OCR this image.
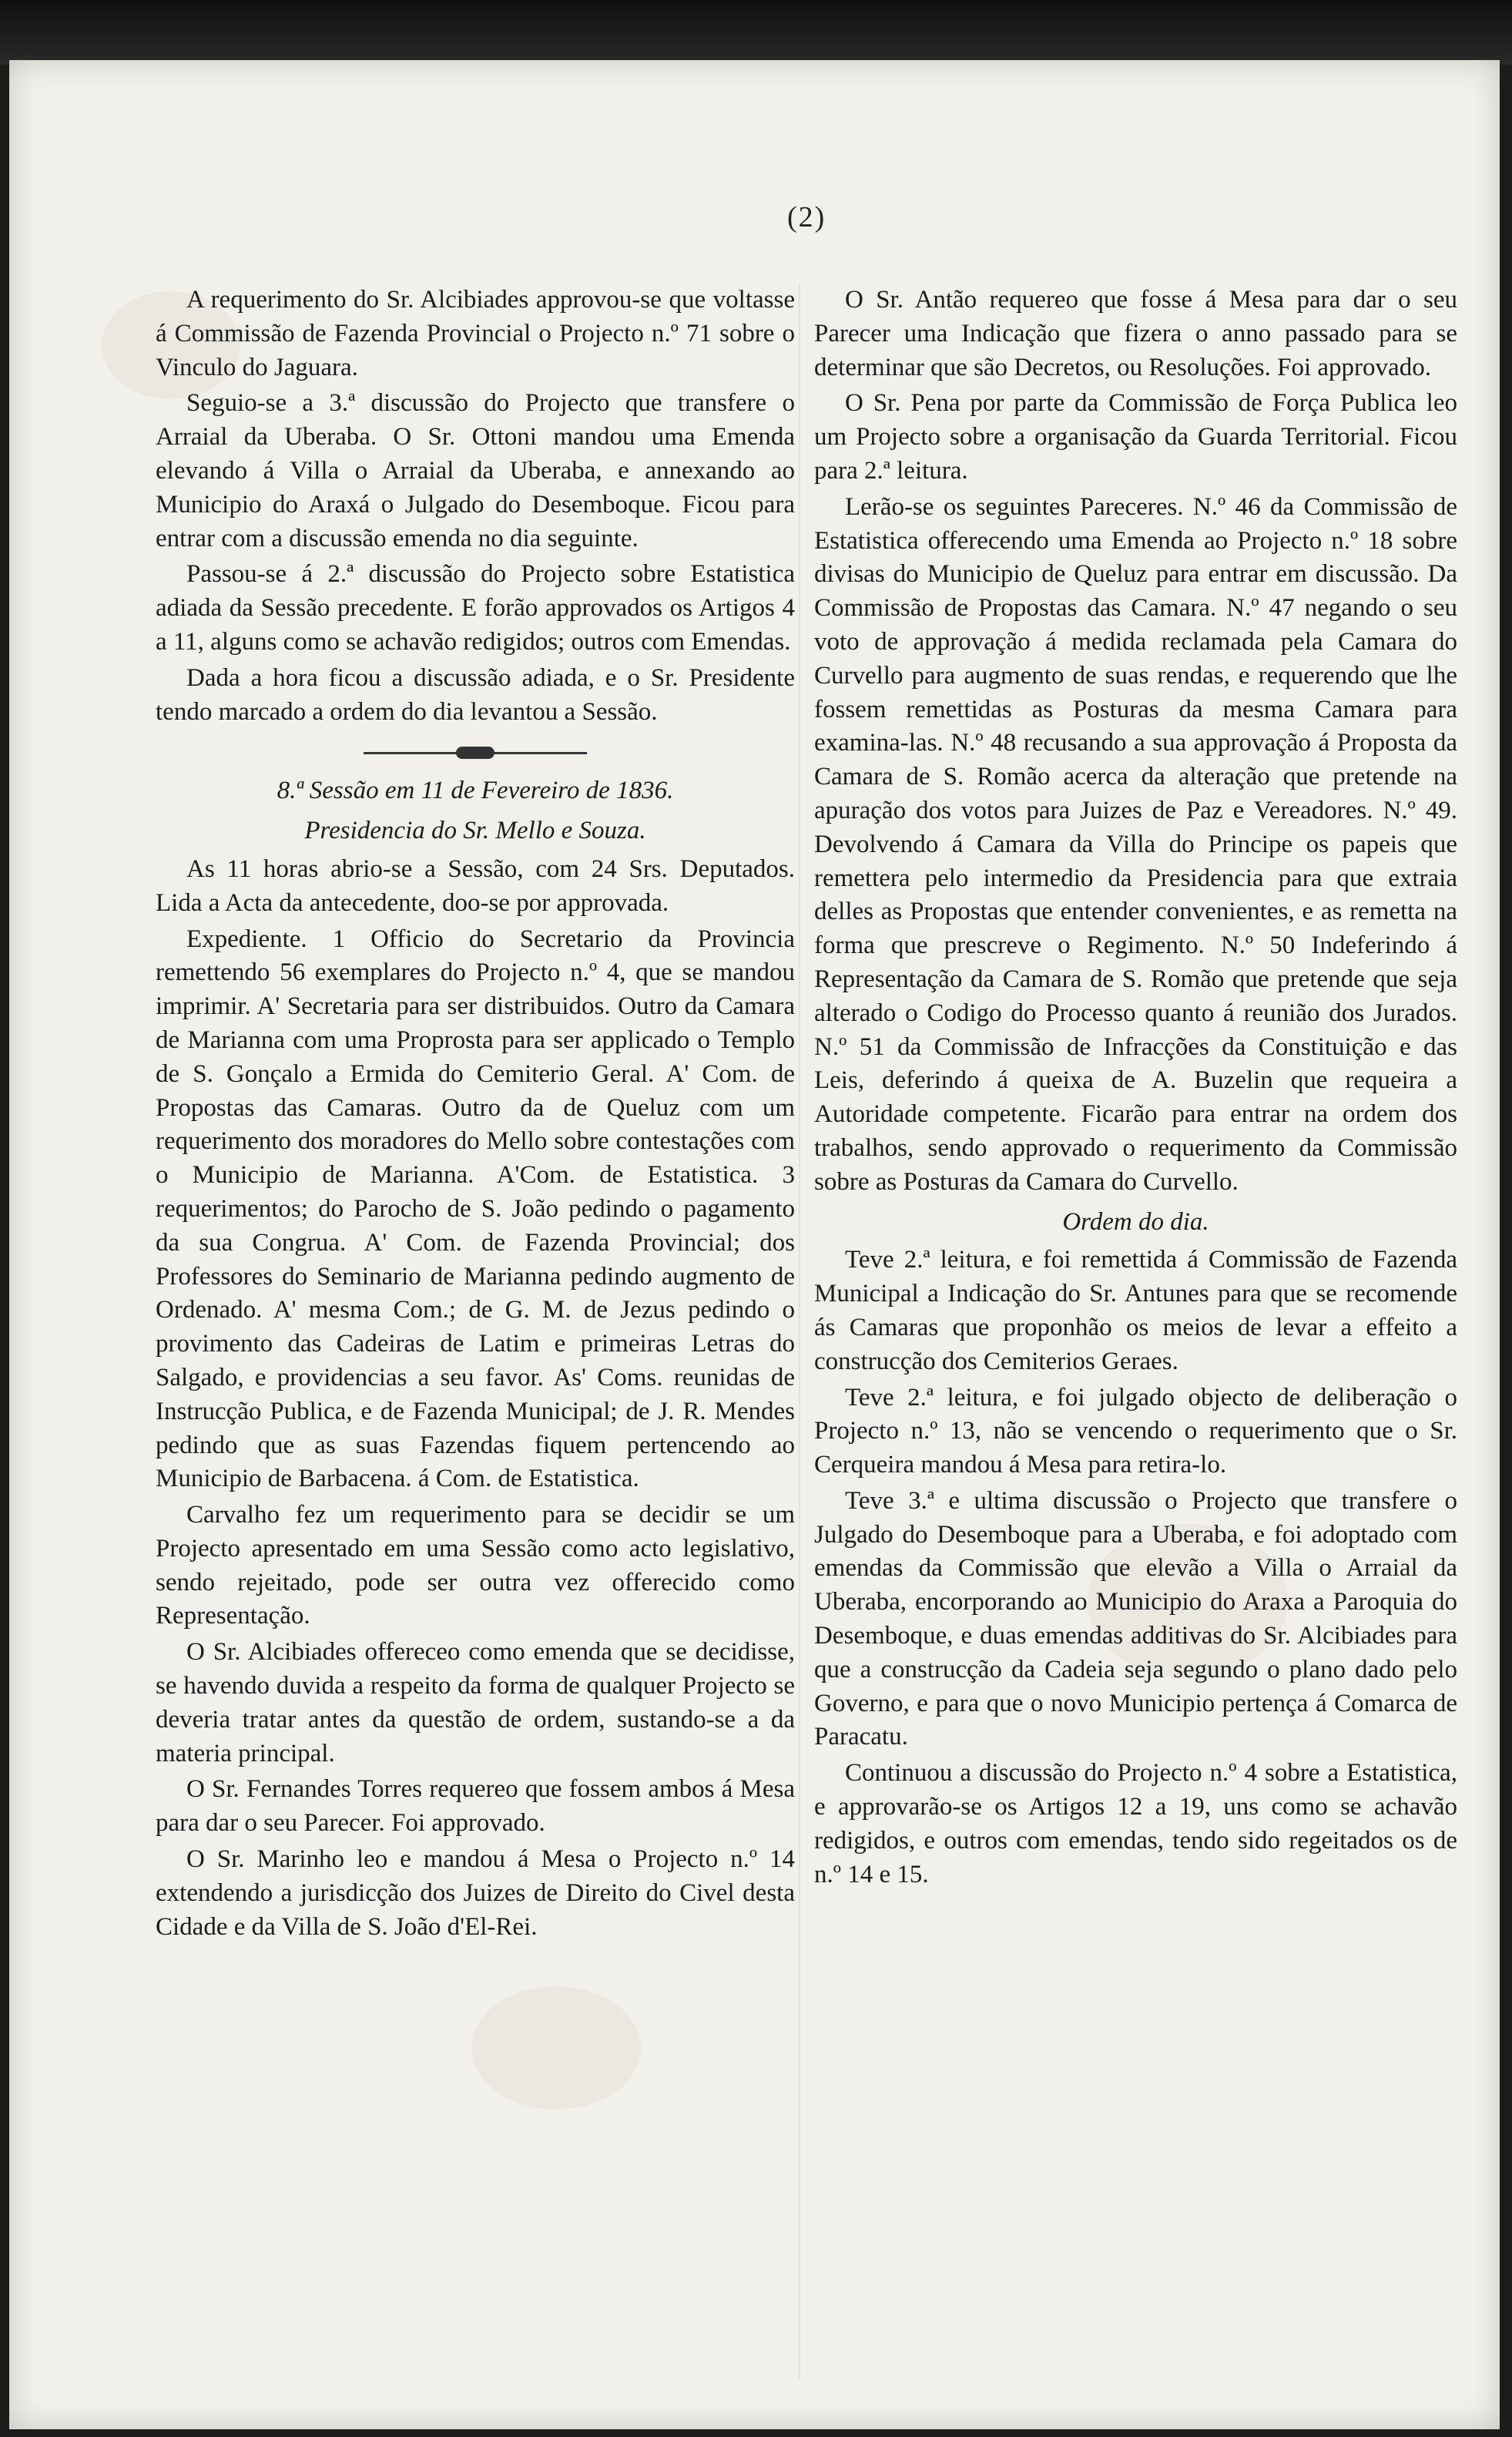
(2)

A requerimento do Sr. Alcibiades approvou-se que voltasse á Commissão de Fazenda Provincial o Projecto n.º 71 sobre o Vinculo do Jaguara.

Seguio-se a 3.ª discussão do Projecto que transfere o Arraial da Uberaba. O Sr. Ottoni mandou uma Emenda elevando á Villa o Arraial da Uberaba, e annexando ao Municipio do Araxá o Julgado do Desemboque. Ficou para entrar com a discussão emenda no dia seguinte.

Passou-se á 2.ª discussão do Projecto sobre Estatistica adiada da Sessão precedente. E forão approvados os Artigos 4 a 11, alguns como se achavão redigidos; outros com Emendas.

Dada a hora ficou a discussão adiada, e o Sr. Presidente tendo marcado a ordem do dia levantou a Sessão.

8.ª Sessão em 11 de Fevereiro de 1836.
Presidencia do Sr. Mello e Souza.

As 11 horas abrio-se a Sessão, com 24 Srs. Deputados. Lida a Acta da antecedente, doo-se por approvada.

Expediente. 1 Officio do Secretario da Provincia remettendo 56 exemplares do Projecto n.º 4, que se mandou imprimir. A' Secretaria para ser distribuidos. Outro da Camara de Marianna com uma Proprosta para ser applicado o Templo de S. Gonçalo a Ermida do Cemiterio Geral. A' Com. de Propostas das Camaras. Outro da de Queluz com um requerimento dos moradores do Mello sobre contestações com o Municipio de Marianna. A'Com. de Estatistica. 3 requerimentos; do Parocho de S. João pedindo o pagamento da sua Congrua. A' Com. de Fazenda Provincial; dos Professores do Seminario de Marianna pedindo augmento de Ordenado. A' mesma Com.; de G. M. de Jezus pedindo o provimento das Cadeiras de Latim e primeiras Letras do Salgado, e providencias a seu favor. As' Coms. reunidas de Instrucção Publica, e de Fazenda Municipal; de J. R. Mendes pedindo que as suas Fazendas fiquem pertencendo ao Municipio de Barbacena. á Com. de Estatistica.

Carvalho fez um requerimento para se decidir se um Projecto apresentado em uma Sessão como acto legislativo, sendo rejeitado, pode ser outra vez offerecido como Representação.

O Sr. Alcibiades offereceo como emenda que se decidisse, se havendo duvida a respeito da forma de qualquer Projecto se deveria tratar antes da questão de ordem, sustando-se a da materia principal.

O Sr. Fernandes Torres requereo que fossem ambos á Mesa para dar o seu Parecer. Foi approvado.

O Sr. Marinho leo e mandou á Mesa o Projecto n.º 14 extendendo a jurisdicção dos Juizes de Direito do Civel desta Cidade e da Villa de S. João d'El-Rei.

O Sr. Antão requereo que fosse á Mesa para dar o seu Parecer uma Indicação que fizera o anno passado para se determinar que são Decretos, ou Resoluções. Foi approvado.

O Sr. Pena por parte da Commissão de Força Publica leo um Projecto sobre a organisação da Guarda Territorial. Ficou para 2.ª leitura.

Lerão-se os seguintes Pareceres. N.º 46 da Commissão de Estatistica offerecendo uma Emenda ao Projecto n.º 18 sobre divisas do Municipio de Queluz para entrar em discussão. Da Commissão de Propostas das Camara. N.º 47 negando o seu voto de approvação á medida reclamada pela Camara do Curvello para augmento de suas rendas, e requerendo que lhe fossem remettidas as Posturas da mesma Camara para examina-las. N.º 48 recusando a sua approvação á Proposta da Camara de S. Romão acerca da alteração que pretende na apuração dos votos para Juizes de Paz e Vereadores. N.º 49. Devolvendo á Camara da Villa do Principe os papeis que remettera pelo intermedio da Presidencia para que extraia delles as Propostas que entender convenientes, e as remetta na forma que prescreve o Regimento. N.º 50 Indeferindo á Representação da Camara de S. Romão que pretende que seja alterado o Codigo do Processo quanto á reunião dos Jurados. N.º 51 da Commissão de Infracções da Constituição e das Leis, deferindo á queixa de A. Buzelin que requeira a Autoridade competente. Ficarão para entrar na ordem dos trabalhos, sendo approvado o requerimento da Commissão sobre as Posturas da Camara do Curvello.

Ordem do dia.

Teve 2.ª leitura, e foi remettida á Commissão de Fazenda Municipal a Indicação do Sr. Antunes para que se recomende ás Camaras que proponhão os meios de levar a effeito a construcção dos Cemiterios Geraes.

Teve 2.ª leitura, e foi julgado objecto de deliberação o Projecto n.º 13, não se vencendo o requerimento que o Sr. Cerqueira mandou á Mesa para retira-lo.

Teve 3.ª e ultima discussão o Projecto que transfere o Julgado do Desemboque para a Uberaba, e foi adoptado com emendas da Commissão que elevão a Villa o Arraial da Uberaba, encorporando ao Municipio do Araxa a Paroquia do Desemboque, e duas emendas additivas do Sr. Alcibiades para que a construcção da Cadeia seja segundo o plano dado pelo Governo, e para que o novo Municipio pertença á Comarca de Paracatu.

Continuou a discussão do Projecto n.º 4 sobre a Estatistica, e approvarão-se os Artigos 12 a 19, uns como se achavão redigidos, e outros com emendas, tendo sido regeitados os de n.º 14 e 15.
